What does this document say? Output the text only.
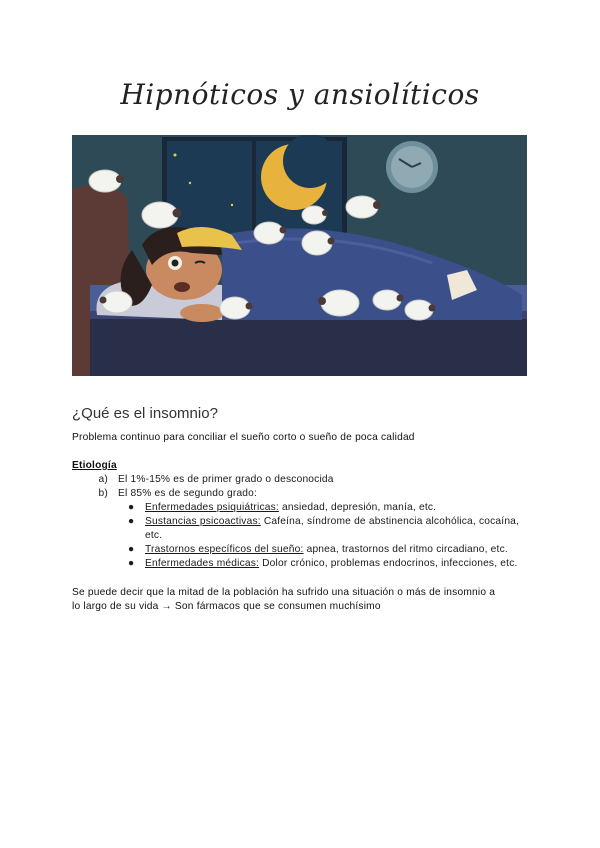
Hipnóticos y ansiolíticos
¿Qué es el insomnio?
Problema continuo para conciliar el sueño corto o sueño de poca calidad
Etiología
a) El 1%-15% es de primer grado o desconocida
b) El 85% es de segundo grado:
● Enfermedades psiquiátricas: ansiedad, depresión, manía, etc.
● Sustancias psicoactivas: Cafeína, síndrome de abstinencia alcohólica, cocaína, etc.
● Trastornos específicos del sueño: apnea, trastornos del ritmo circadiano, etc.
● Enfermedades médicas: Dolor crónico, problemas endocrinos, infecciones, etc.
Se puede decir que la mitad de la población ha sufrido una situación o más de insomnio a
lo largo de su vida → Son fármacos que se consumen muchísimo
